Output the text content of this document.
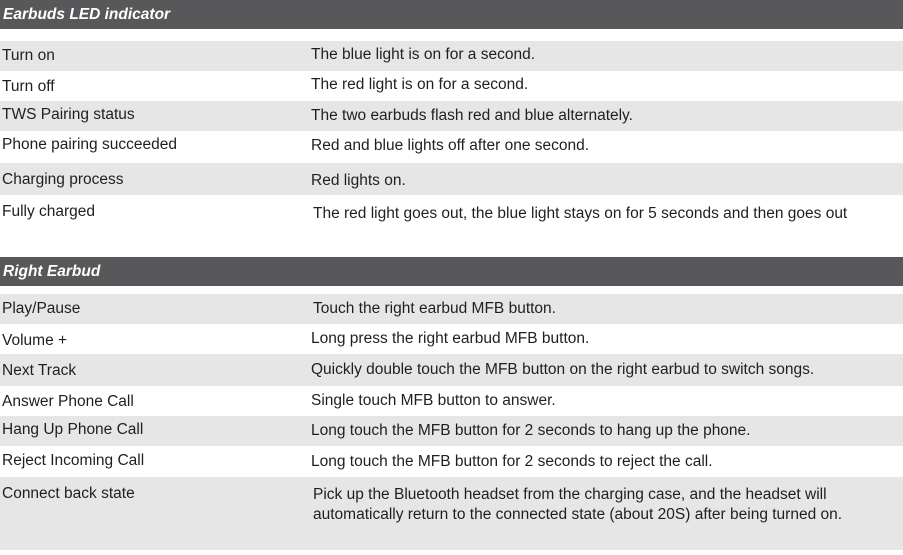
Earbuds LED indicator
Turn on	The blue light is on for a second.
Turn off	The red light is on for a second.
TWS Pairing status	The two earbuds flash red and blue alternately.
Phone pairing succeeded	Red and blue lights off after one second.
Charging process	Red lights on.
Fully charged	The red light goes out, the blue light stays on for 5 seconds and then goes out
Right Earbud
Play/Pause	Touch the right earbud MFB button.
Volume +	Long press the right earbud MFB button.
Next Track	Quickly double touch the MFB button on the right earbud to switch songs.
Answer Phone Call	Single touch MFB button to answer.
Hang Up Phone Call	Long touch the MFB button for 2 seconds to hang up the phone.
Reject Incoming Call	Long touch the MFB button for 2 seconds to reject the call.
Connect back state	Pick up the Bluetooth headset from the charging case, and the headset will automatically return to the connected state (about 20S) after being turned on.
